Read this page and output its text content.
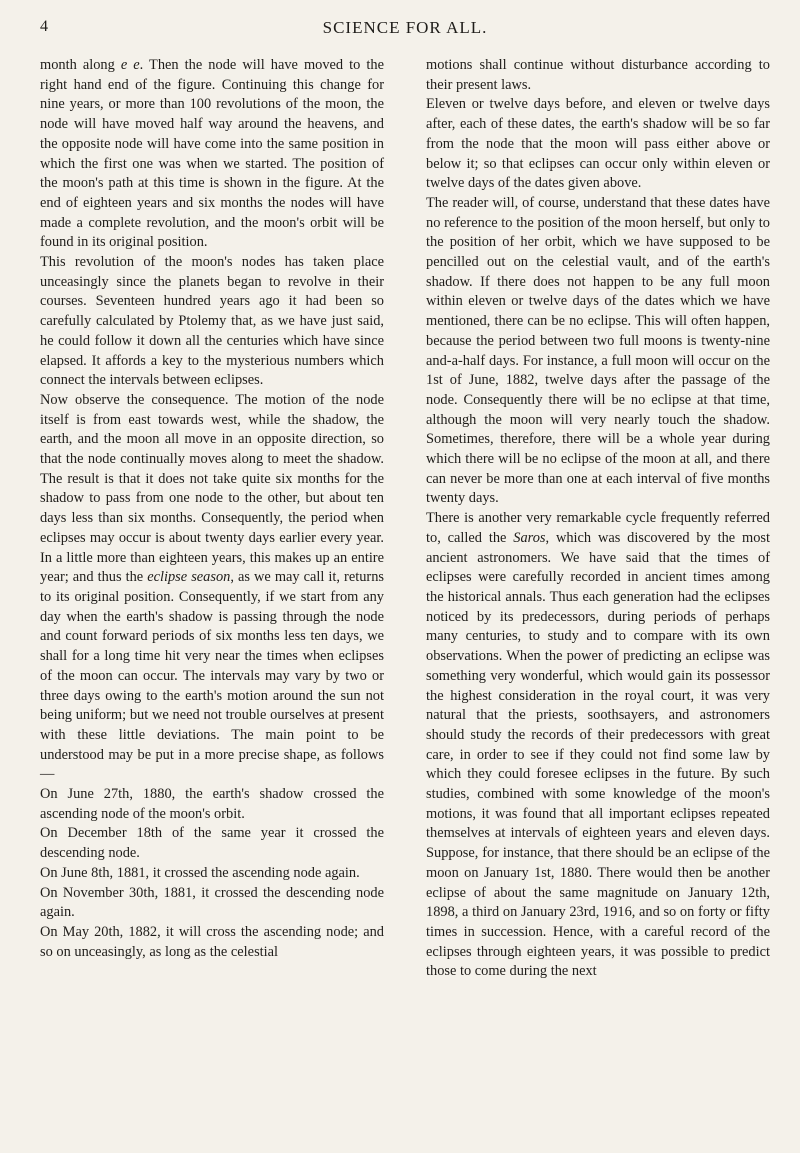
4	SCIENCE FOR ALL.

month along e e. Then the node will have moved to the right hand end of the figure. Continuing this change for nine years, or more than 100 revolutions of the moon, the node will have moved half way around the heavens, and the opposite node will have come into the same position in which the first one was when we started. The position of the moon's path at this time is shown in the figure. At the end of eighteen years and six months the nodes will have made a complete revolution, and the moon's orbit will be found in its original position.

This revolution of the moon's nodes has taken place unceasingly since the planets began to revolve in their courses. Seventeen hundred years ago it had been so carefully calculated by Ptolemy that, as we have just said, he could follow it down all the centuries which have since elapsed. It affords a key to the mysterious numbers which connect the intervals between eclipses.

Now observe the consequence. The motion of the node itself is from east towards west, while the shadow, the earth, and the moon all move in an opposite direction, so that the node continually moves along to meet the shadow. The result is that it does not take quite six months for the shadow to pass from one node to the other, but about ten days less than six months. Consequently, the period when eclipses may occur is about twenty days earlier every year. In a little more than eighteen years, this makes up an entire year; and thus the eclipse season, as we may call it, returns to its original position. Consequently, if we start from any day when the earth's shadow is passing through the node and count forward periods of six months less ten days, we shall for a long time hit very near the times when eclipses of the moon can occur. The intervals may vary by two or three days owing to the earth's motion around the sun not being uniform; but we need not trouble ourselves at present with these little deviations. The main point to be understood may be put in a more precise shape, as follows—

On June 27th, 1880, the earth's shadow crossed the ascending node of the moon's orbit.

On December 18th of the same year it crossed the descending node.

On June 8th, 1881, it crossed the ascending node again.

On November 30th, 1881, it crossed the descending node again.

On May 20th, 1882, it will cross the ascending node; and so on unceasingly, as long as the celestial

motions shall continue without disturbance according to their present laws.

Eleven or twelve days before, and eleven or twelve days after, each of these dates, the earth's shadow will be so far from the node that the moon will pass either above or below it; so that eclipses can occur only within eleven or twelve days of the dates given above.

The reader will, of course, understand that these dates have no reference to the position of the moon herself, but only to the position of her orbit, which we have supposed to be pencilled out on the celestial vault, and of the earth's shadow. If there does not happen to be any full moon within eleven or twelve days of the dates which we have mentioned, there can be no eclipse. This will often happen, because the period between two full moons is twenty-nine and-a-half days. For instance, a full moon will occur on the 1st of June, 1882, twelve days after the passage of the node. Consequently there will be no eclipse at that time, although the moon will very nearly touch the shadow. Sometimes, therefore, there will be a whole year during which there will be no eclipse of the moon at all, and there can never be more than one at each interval of five months twenty days.

There is another very remarkable cycle frequently referred to, called the Saros, which was discovered by the most ancient astronomers. We have said that the times of eclipses were carefully recorded in ancient times among the historical annals. Thus each generation had the eclipses noticed by its predecessors, during periods of perhaps many centuries, to study and to compare with its own observations. When the power of predicting an eclipse was something very wonderful, which would gain its possessor the highest consideration in the royal court, it was very natural that the priests, soothsayers, and astronomers should study the records of their predecessors with great care, in order to see if they could not find some law by which they could foresee eclipses in the future. By such studies, combined with some knowledge of the moon's motions, it was found that all important eclipses repeated themselves at intervals of eighteen years and eleven days. Suppose, for instance, that there should be an eclipse of the moon on January 1st, 1880. There would then be another eclipse of about the same magnitude on January 12th, 1898, a third on January 23rd, 1916, and so on forty or fifty times in succession. Hence, with a careful record of the eclipses through eighteen years, it was possible to predict those to come during the next
